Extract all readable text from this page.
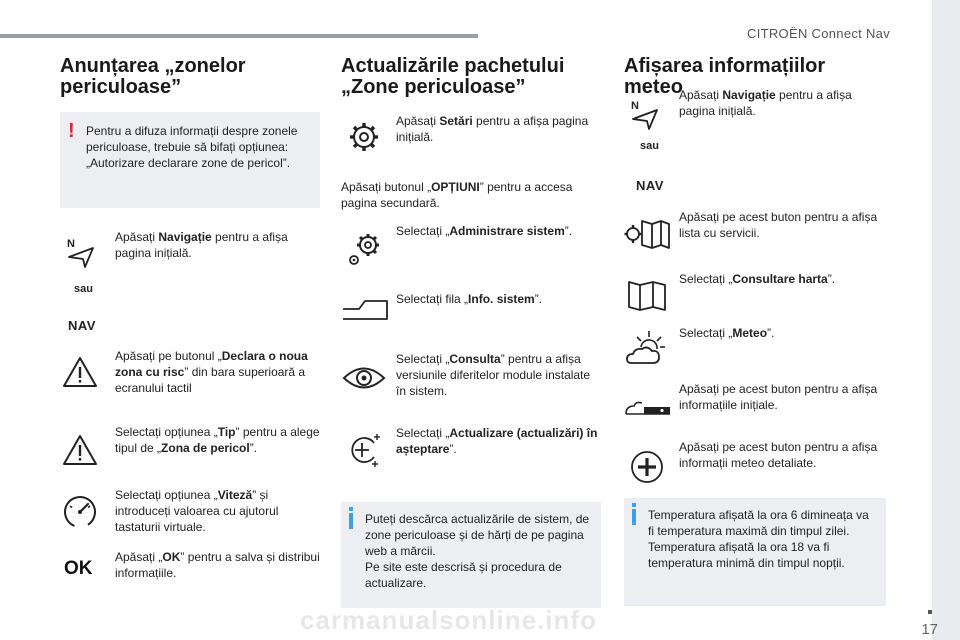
CITROËN Connect Nav
17
Anunțarea „zonelor periculoase”
! Pentru a difuza informații despre zonele periculoase, trebuie să bifați opțiunea: „Autorizare declarare zone de pericol”.

N
sau
NAV

Apăsați Navigație pentru a afișa pagina inițială.

Apăsați pe butonul „Declara o noua zona cu risc” din bara superioară a ecranului tactil

Selectați opțiunea „Tip” pentru a alege tipul de „Zona de pericol”.

Selectați opțiunea „Viteză” și introduceți valoarea cu ajutorul tastaturii virtuale.

OK

Apăsați „OK” pentru a salva și distribui informațiile.

Actualizările pachetului „Zone periculoase”

Apăsați Setări pentru a afișa pagina inițială.

Apăsați butonul „OPȚIUNI” pentru a accesa pagina secundară.

Selectați „Administrare sistem”.

Selectați fila „Info. sistem”.

Selectați „Consulta” pentru a afișa versiunile diferitelor module instalate în sistem.

Selectați „Actualizare (actualizări) în așteptare”.

Puteți descărca actualizările de sistem, de zone periculoase și de hărți de pe pagina web a mărcii.
Pe site este descrisă și procedura de actualizare.

Afișarea informațiilor meteo
N
sau
NAV

Apăsați Navigație pentru a afișa pagina inițială.

Apăsați pe acest buton pentru a afișa lista cu servicii.

Selectați „Consultare harta”.

Selectați „Meteo”.

Apăsați pe acest buton pentru a afișa informațiile inițiale.

Apăsați pe acest buton pentru a afișa informații meteo detaliate.

Temperatura afișată la ora 6 dimineața va fi temperatura maximă din timpul zilei.
Temperatura afișată la ora 18 va fi temperatura minimă din timpul nopții.

carmanualsonline.info
